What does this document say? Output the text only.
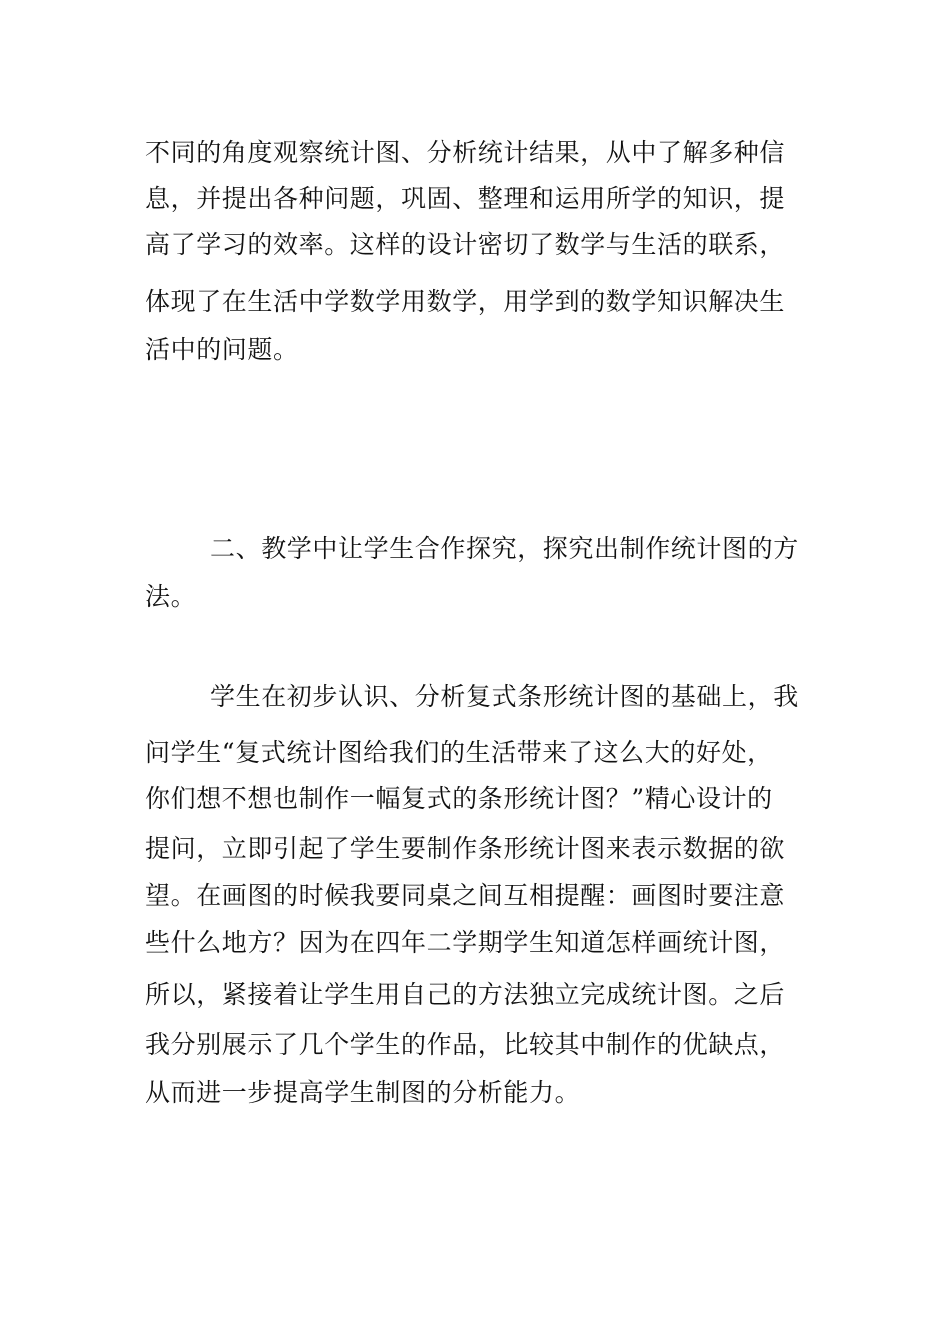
不同的角度观察统计图、分析统计结果，从中了解多种信
息，并提出各种问题，巩固、整理和运用所学的知识，提
高了学习的效率。这样的设计密切了数学与生活的联系，
体现了在生活中学数学用数学，用学到的数学知识解决生
活中的问题。
二、教学中让学生合作探究，探究出制作统计图的方
法。
学生在初步认识、分析复式条形统计图的基础上，我
问学生“复式统计图给我们的生活带来了这么大的好处，
你们想不想也制作一幅复式的条形统计图？”精心设计的
提问，立即引起了学生要制作条形统计图来表示数据的欲
望。在画图的时候我要同桌之间互相提醒：画图时要注意
些什么地方？因为在四年二学期学生知道怎样画统计图，
所以，紧接着让学生用自己的方法独立完成统计图。之后
我分别展示了几个学生的作品，比较其中制作的优缺点，
从而进一步提高学生制图的分析能力。
